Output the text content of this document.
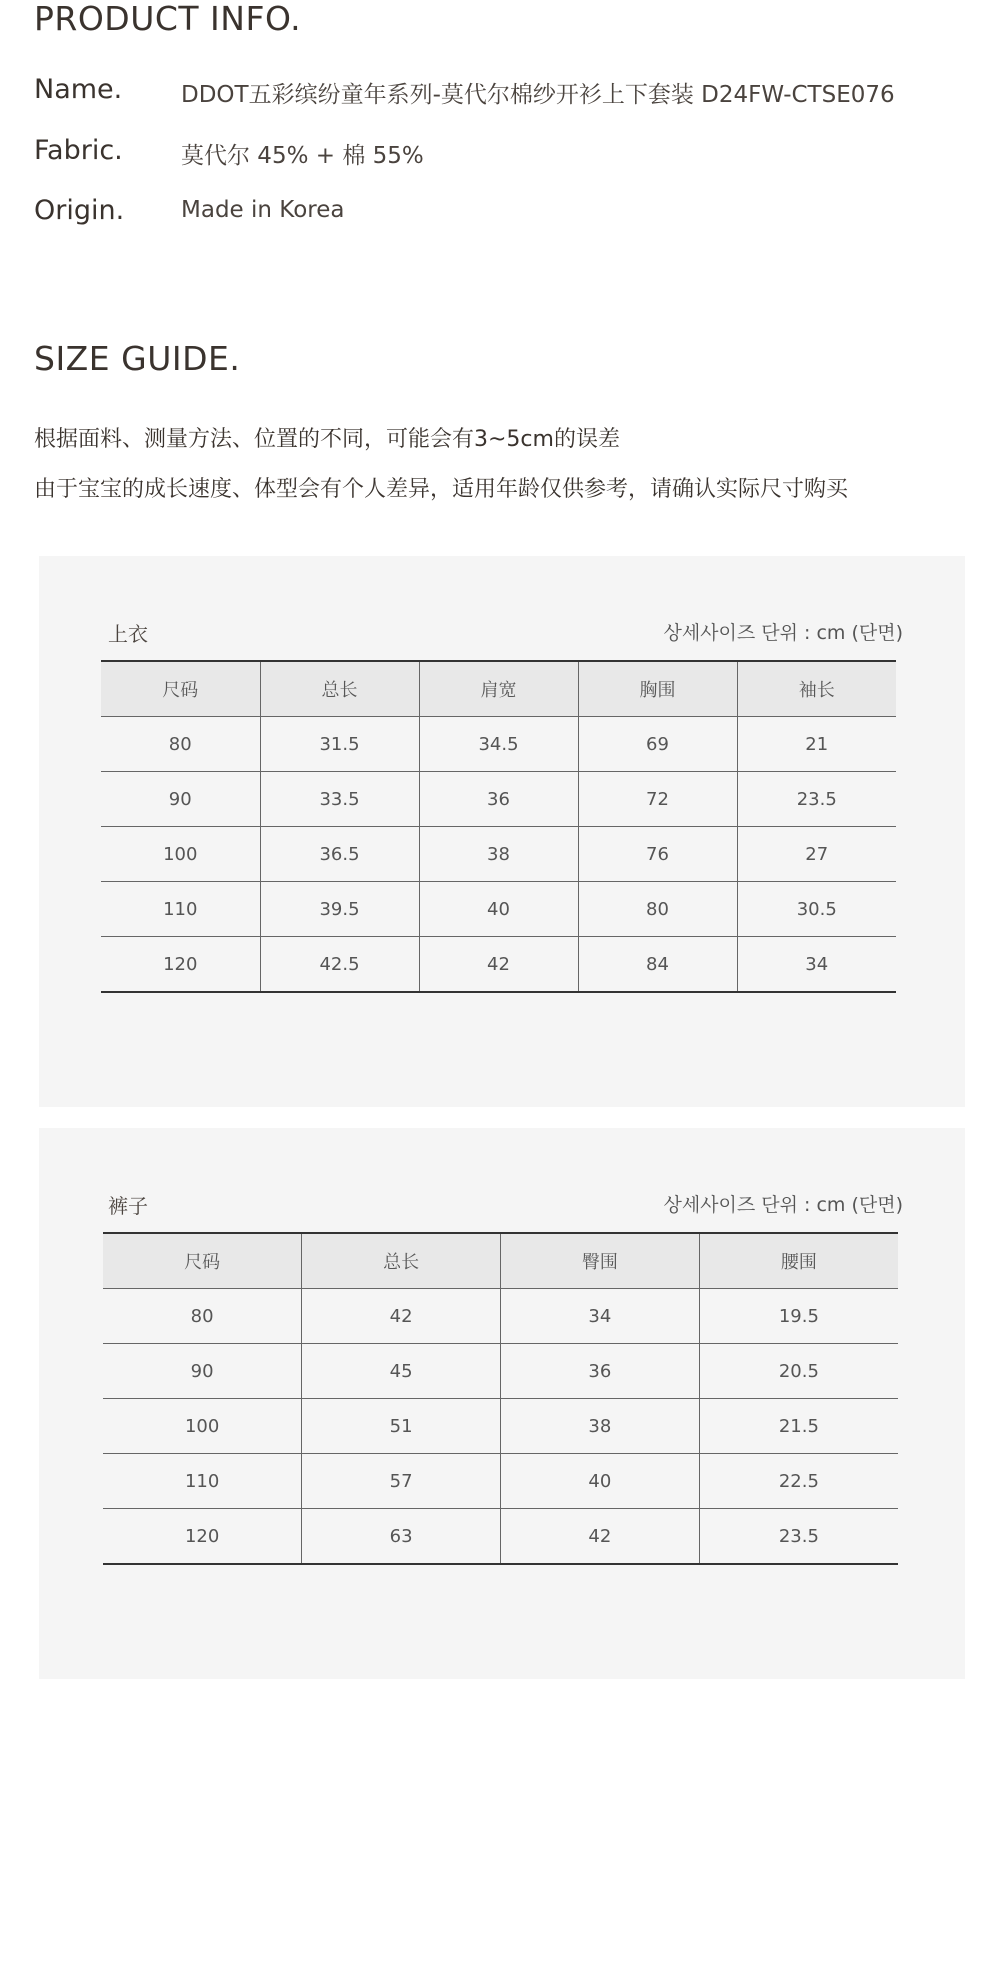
PRODUCT INFO.
Name.	DDOT五彩缤纷童年系列-莫代尔棉纱开衫上下套装 D24FW-CTSE076
Fabric.	莫代尔 45% + 棉 55%
Origin. Made in Korea
SIZE GUIDE.
根据面料、测量方法、位置的不同，可能会有3~5cm的误差
由于宝宝的成长速度、体型会有个人差异，适用年龄仅供参考，请确认实际尺寸购买
上衣	상세사이즈 단위 : cm (단면)
尺码	总长	肩宽	胸围	袖长
80	31.5	34.5	69	21
90	33.5	36	72	23.5
100	36.5	38	76	27
110	39.5	40	80	30.5
120	42.5	42	84	34
裤子	상세사이즈 단위 : cm (단면)
尺码	总长	臀围	腰围
80	42	34	19.5
90	45	36	20.5
100	51	38	21.5
110	57	40	22.5
120	63	42	23.5
